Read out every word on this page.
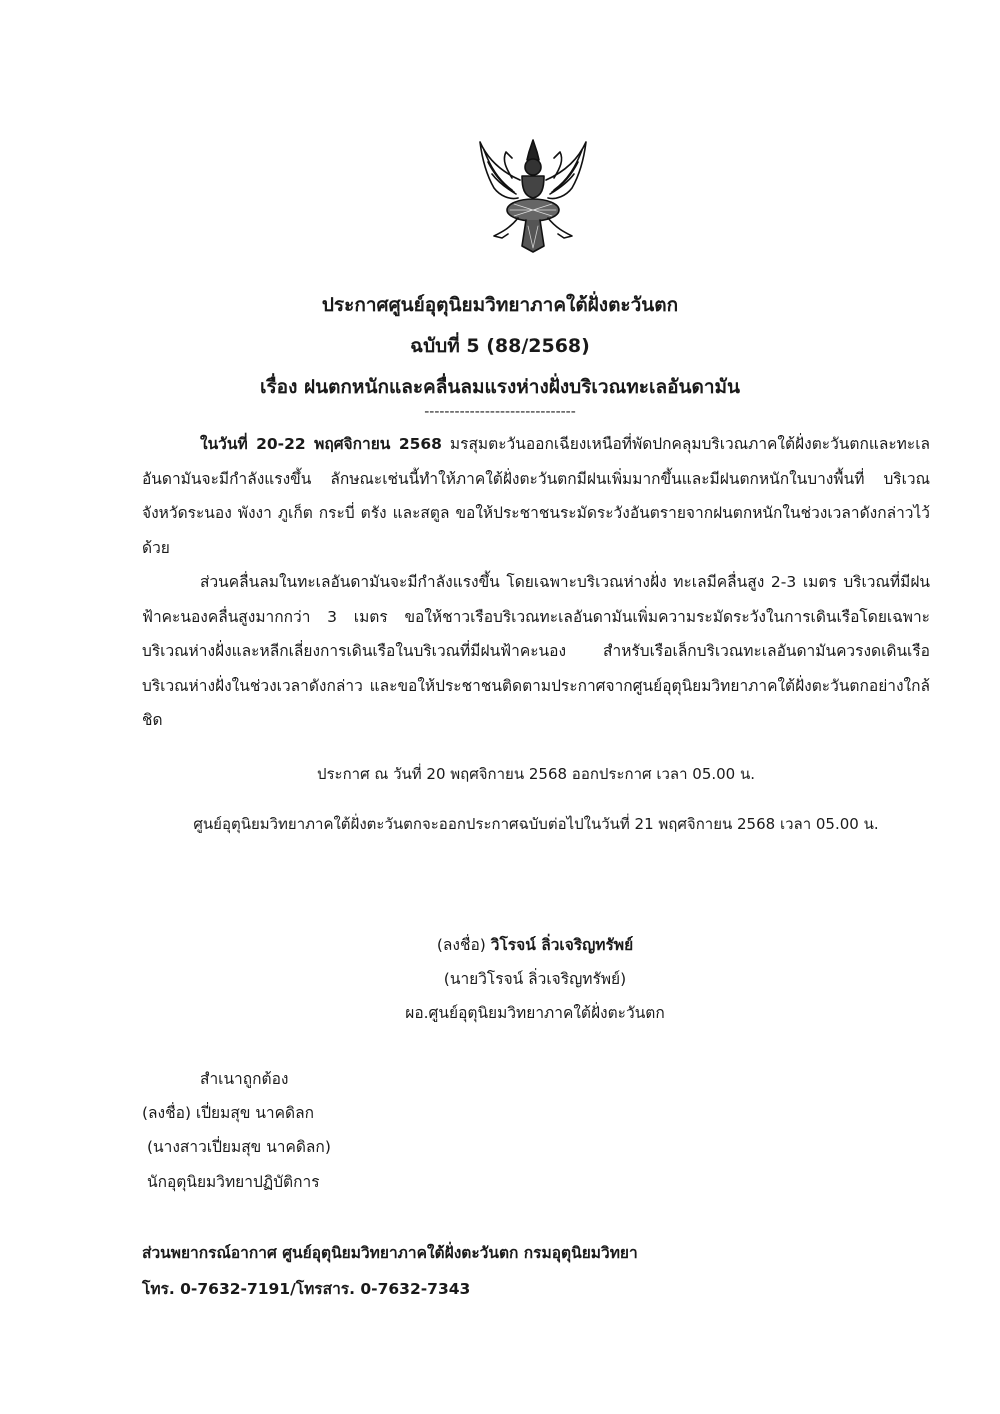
ประกาศศูนย์อุตุนิยมวิทยาภาคใต้ฝั่งตะวันตก
ฉบับที่ 5 (88/2568)
เรื่อง ฝนตกหนักและคลื่นลมแรงห่างฝั่งบริเวณทะเลอันดามัน
------------------------------
ในวันที่ 20-22 พฤศจิกายน 2568 มรสุมตะวันออกเฉียงเหนือที่พัดปกคลุมบริเวณภาคใต้ฝั่งตะวันตกและทะเลอันดามันจะมีกำลังแรงขึ้น ลักษณะเช่นนี้ทำให้ภาคใต้ฝั่งตะวันตกมีฝนเพิ่มมากขึ้นและมีฝนตกหนักในบางพื้นที่ บริเวณจังหวัดระนอง พังงา ภูเก็ต กระบี่ ตรัง และสตูล ขอให้ประชาชนระมัดระวังอันตรายจากฝนตกหนักในช่วงเวลาดังกล่าวไว้ด้วย
ส่วนคลื่นลมในทะเลอันดามันจะมีกำลังแรงขึ้น โดยเฉพาะบริเวณห่างฝั่ง ทะเลมีคลื่นสูง 2-3 เมตร บริเวณที่มีฝนฟ้าคะนองคลื่นสูงมากกว่า 3 เมตร ขอให้ชาวเรือบริเวณทะเลอันดามันเพิ่มความระมัดระวังในการเดินเรือโดยเฉพาะบริเวณห่างฝั่งและหลีกเลี่ยงการเดินเรือในบริเวณที่มีฝนฟ้าคะนอง สำหรับเรือเล็กบริเวณทะเลอันดามันควรงดเดินเรือบริเวณห่างฝั่งในช่วงเวลาดังกล่าว และขอให้ประชาชนติดตามประกาศจากศูนย์อุตุนิยมวิทยาภาคใต้ฝั่งตะวันตกอย่างใกล้ชิด
ประกาศ ณ วันที่ 20 พฤศจิกายน 2568 ออกประกาศ เวลา 05.00 น.
ศูนย์อุตุนิยมวิทยาภาคใต้ฝั่งตะวันตกจะออกประกาศฉบับต่อไปในวันที่ 21 พฤศจิกายน 2568 เวลา 05.00 น.
(ลงชื่อ) วิโรจน์ ลิ่วเจริญทรัพย์
(นายวิโรจน์ ลิ่วเจริญทรัพย์)
ผอ.ศูนย์อุตุนิยมวิทยาภาคใต้ฝั่งตะวันตก
สำเนาถูกต้อง
(ลงชื่อ) เปี่ยมสุข นาคดิลก
(นางสาวเปี่ยมสุข นาคดิลก)
นักอุตุนิยมวิทยาปฏิบัติการ
ส่วนพยากรณ์อากาศ ศูนย์อุตุนิยมวิทยาภาคใต้ฝั่งตะวันตก กรมอุตุนิยมวิทยา
โทร. 0-7632-7191/โทรสาร. 0-7632-7343
